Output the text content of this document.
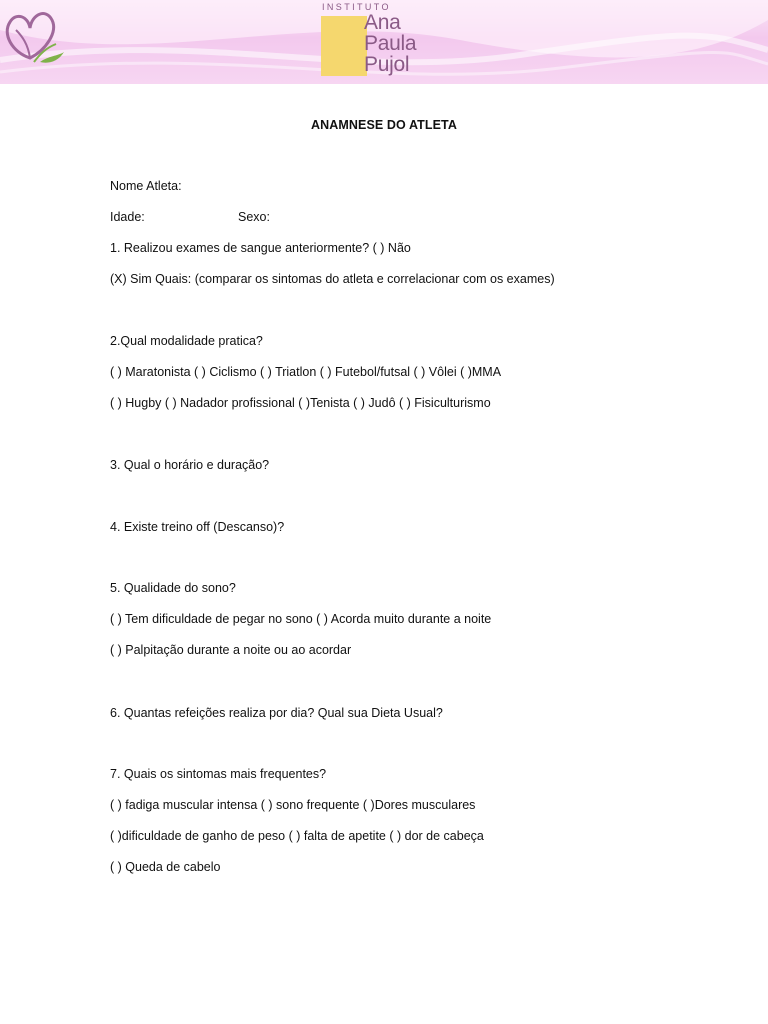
INSTITUTO
Ana
Paula
Pujol
ANAMNESE DO ATLETA
Nome Atleta:
Idade:	Sexo:
1. Realizou exames de sangue anteriormente? ( ) Não
(X) Sim Quais: (comparar os sintomas do atleta e correlacionar com os exames)
2.Qual modalidade pratica?
( ) Maratonista ( ) Ciclismo ( ) Triatlon ( ) Futebol/futsal ( ) Vôlei ( )MMA
( ) Hugby ( ) Nadador profissional ( )Tenista ( ) Judô ( ) Fisiculturismo
3. Qual o horário e duração?
4. Existe treino off (Descanso)?
5. Qualidade do sono?
( ) Tem dificuldade de pegar no sono ( ) Acorda muito durante a noite
( ) Palpitação durante a noite ou ao acordar
6. Quantas refeições realiza por dia? Qual sua Dieta Usual?
7. Quais os sintomas mais frequentes?
( ) fadiga muscular intensa ( ) sono frequente ( )Dores musculares
( )dificuldade de ganho de peso ( ) falta de apetite ( ) dor de cabeça
( ) Queda de cabelo
